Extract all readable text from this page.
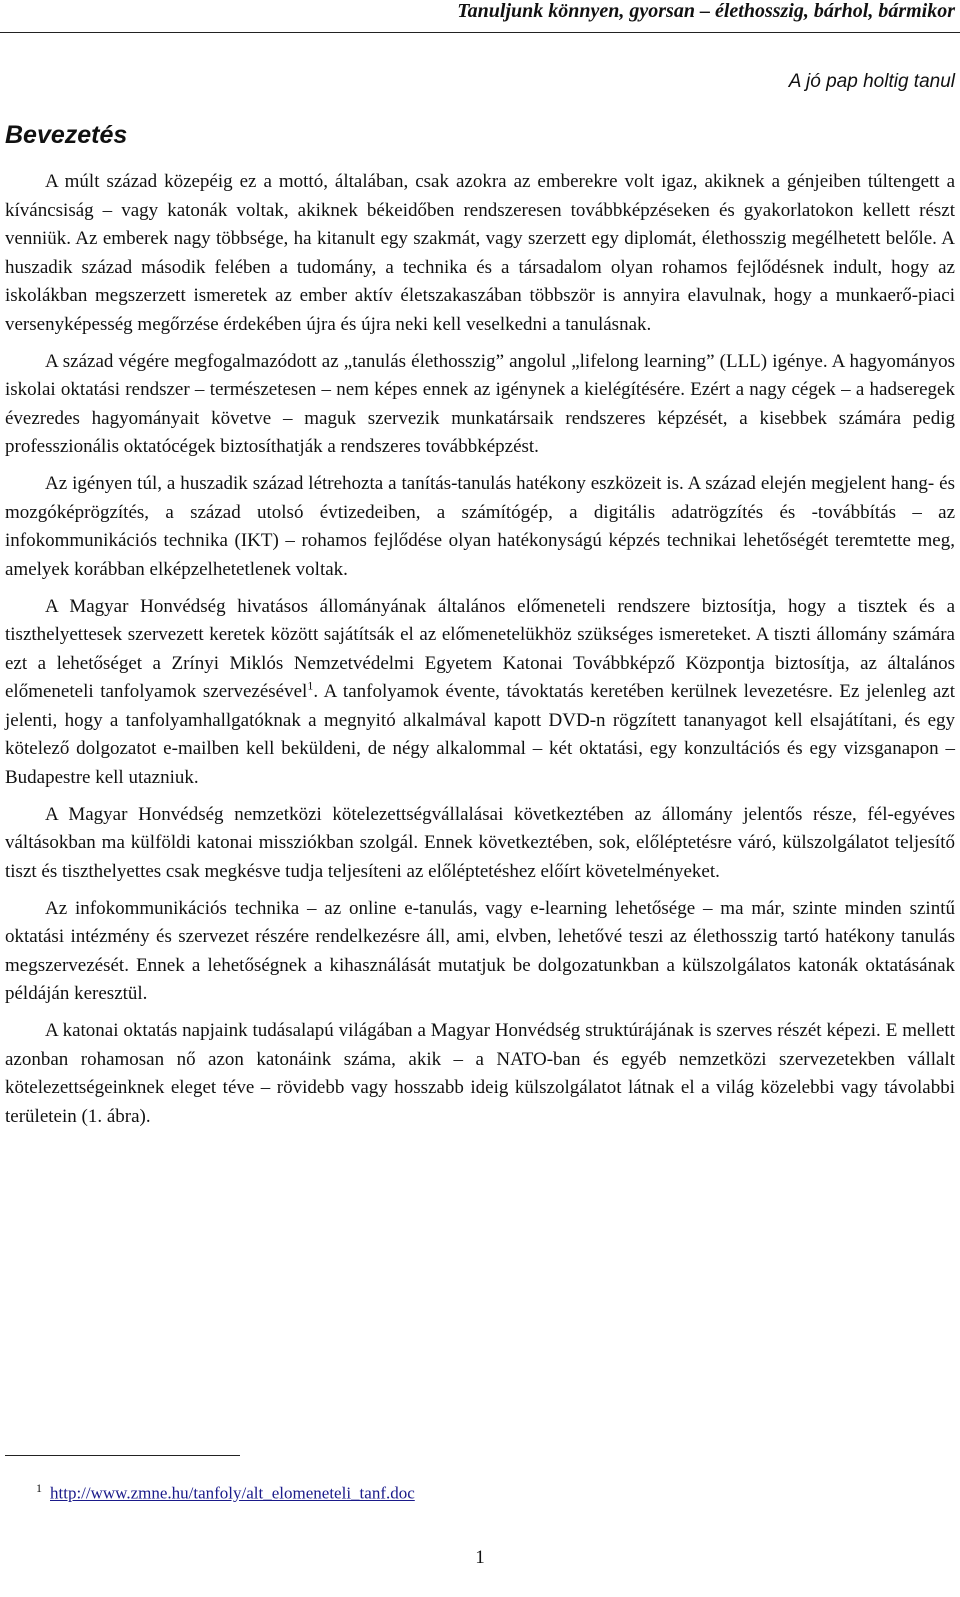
Tanuljunk könnyen, gyorsan – élethosszig, bárhol, bármikor
A jó pap holtig tanul
Bevezetés

A múlt század közepéig ez a mottó, általában, csak azokra az emberekre volt igaz, akiknek a génjeiben túltengett a kíváncsiság – vagy katonák voltak, akiknek békeidőben rendszeresen továbbképzéseken és gyakorlatokon kellett részt venniük. Az emberek nagy többsége, ha kitanult egy szakmát, vagy szerzett egy diplomát, élethosszig megélhetett belőle. A huszadik század második felében a tudomány, a technika és a társadalom olyan rohamos fejlődésnek indult, hogy az iskolákban megszerzett ismeretek az ember aktív életszakaszában többször is annyira elavulnak, hogy a munkaerő-piaci versenyképesség megőrzése érdekében újra és újra neki kell veselkedni a tanulásnak.

A század végére megfogalmazódott az „tanulás élethosszig” angolul „lifelong learning” (LLL) igénye. A hagyományos iskolai oktatási rendszer – természetesen – nem képes ennek az igénynek a kielégítésére. Ezért a nagy cégek – a hadseregek évezredes hagyományait követve – maguk szervezik munkatársaik rendszeres képzését, a kisebbek számára pedig professzionális oktatócégek biztosíthatják a rendszeres továbbképzést.

Az igényen túl, a huszadik század létrehozta a tanítás-tanulás hatékony eszközeit is. A század elején megjelent hang- és mozgóképrögzítés, a század utolsó évtizedeiben, a számítógép, a digitális adatrögzítés és -továbbítás – az infokommunikációs technika (IKT) – rohamos fejlődése olyan hatékonyságú képzés technikai lehetőségét teremtette meg, amelyek korábban elképzelhetetlenek voltak.

A Magyar Honvédség hivatásos állományának általános előmeneteli rendszere biztosítja, hogy a tisztek és a tiszthelyettesek szervezett keretek között sajátítsák el az előmenetelükhöz szükséges ismereteket. A tiszti állomány számára ezt a lehetőséget a Zrínyi Miklós Nemzetvédelmi Egyetem Katonai Továbbképző Központja biztosítja, az általános előmeneteli tanfolyamok szervezésével$^1$. A tanfolyamok évente, távoktatás keretében kerülnek levezetésre. Ez jelenleg azt jelenti, hogy a tanfolyamhallgatóknak a megnyitó alkalmával kapott DVD-n rögzített tananyagot kell elsajátítani, és egy kötelező dolgozatot e-mailben kell beküldeni, de négy alkalommal – két oktatási, egy konzultációs és egy vizsganapon – Budapestre kell utazniuk.

A Magyar Honvédség nemzetközi kötelezettségvállalásai következtében az állomány jelentős része, fél-egyéves váltásokban ma külföldi katonai missziókban szolgál. Ennek következtében, sok, előléptetésre váró, külszolgálatot teljesítő tiszt és tiszthelyettes csak megkésve tudja teljesíteni az előléptetéshez előírt követelményeket.

Az infokommunikációs technika – az online e-tanulás, vagy e-learning lehetősége – ma már, szinte minden szintű oktatási intézmény és szervezet részére rendelkezésre áll, ami, elvben, lehetővé teszi az élethosszig tartó hatékony tanulás megszervezését. Ennek a lehetőségnek a kihasználását mutatjuk be dolgozatunkban a külszolgálatos katonák oktatásának példáján keresztül.

A katonai oktatás napjaink tudásalapú világában a Magyar Honvédség struktúrájának is szerves részét képezi. E mellett azonban rohamosan nő azon katonáink száma, akik – a NATO-ban és egyéb nemzetközi szervezetekben vállalt kötelezettségeinknek eleget téve – rövidebb vagy hosszabb ideig külszolgálatot látnak el a világ közelebbi vagy távolabbi területein (1. ábra).

$^1$ http://www.zmne.hu/tanfoly/alt_elomeneteli_tanf.doc
1
